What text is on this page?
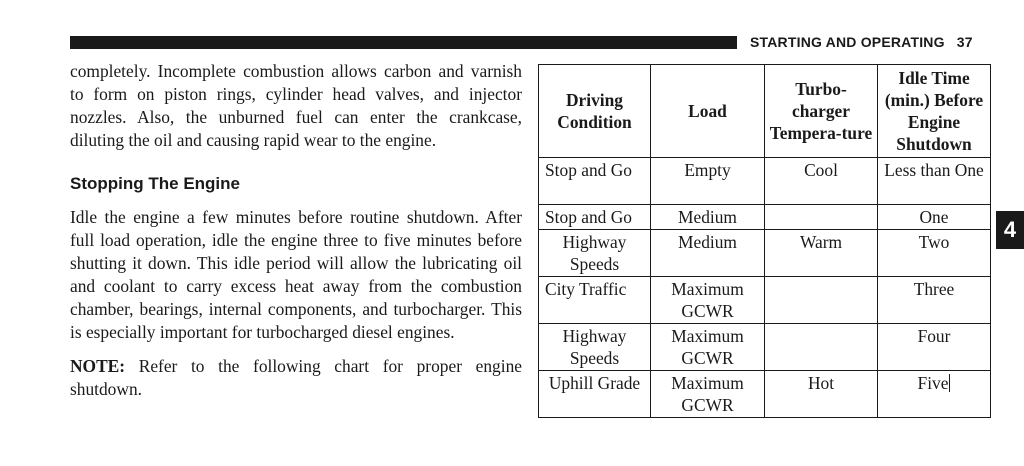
STARTING AND OPERATING 37

completely. Incomplete combustion allows carbon and varnish to form on piston rings, cylinder head valves, and injector nozzles. Also, the unburned fuel can enter the crankcase, diluting the oil and causing rapid wear to the engine.

Stopping The Engine

Idle the engine a few minutes before routine shutdown. After full load operation, idle the engine three to five minutes before shutting it down. This idle period will allow the lubricating oil and coolant to carry excess heat away from the combustion chamber, bearings, internal components, and turbocharger. This is especially important for turbocharged diesel engines.

NOTE: Refer to the following chart for proper engine shutdown.

Driving Condition	Load	Turbo-charger Tempera-ture	Idle Time (min.) Before Engine Shutdown
Stop and Go	Empty	Cool	Less than One
Stop and Go	Medium		One
Highway Speeds	Medium	Warm	Two
City Traffic	Maximum GCWR		Three
Highway Speeds	Maximum GCWR		Four
Uphill Grade	Maximum GCWR	Hot	Five
4
